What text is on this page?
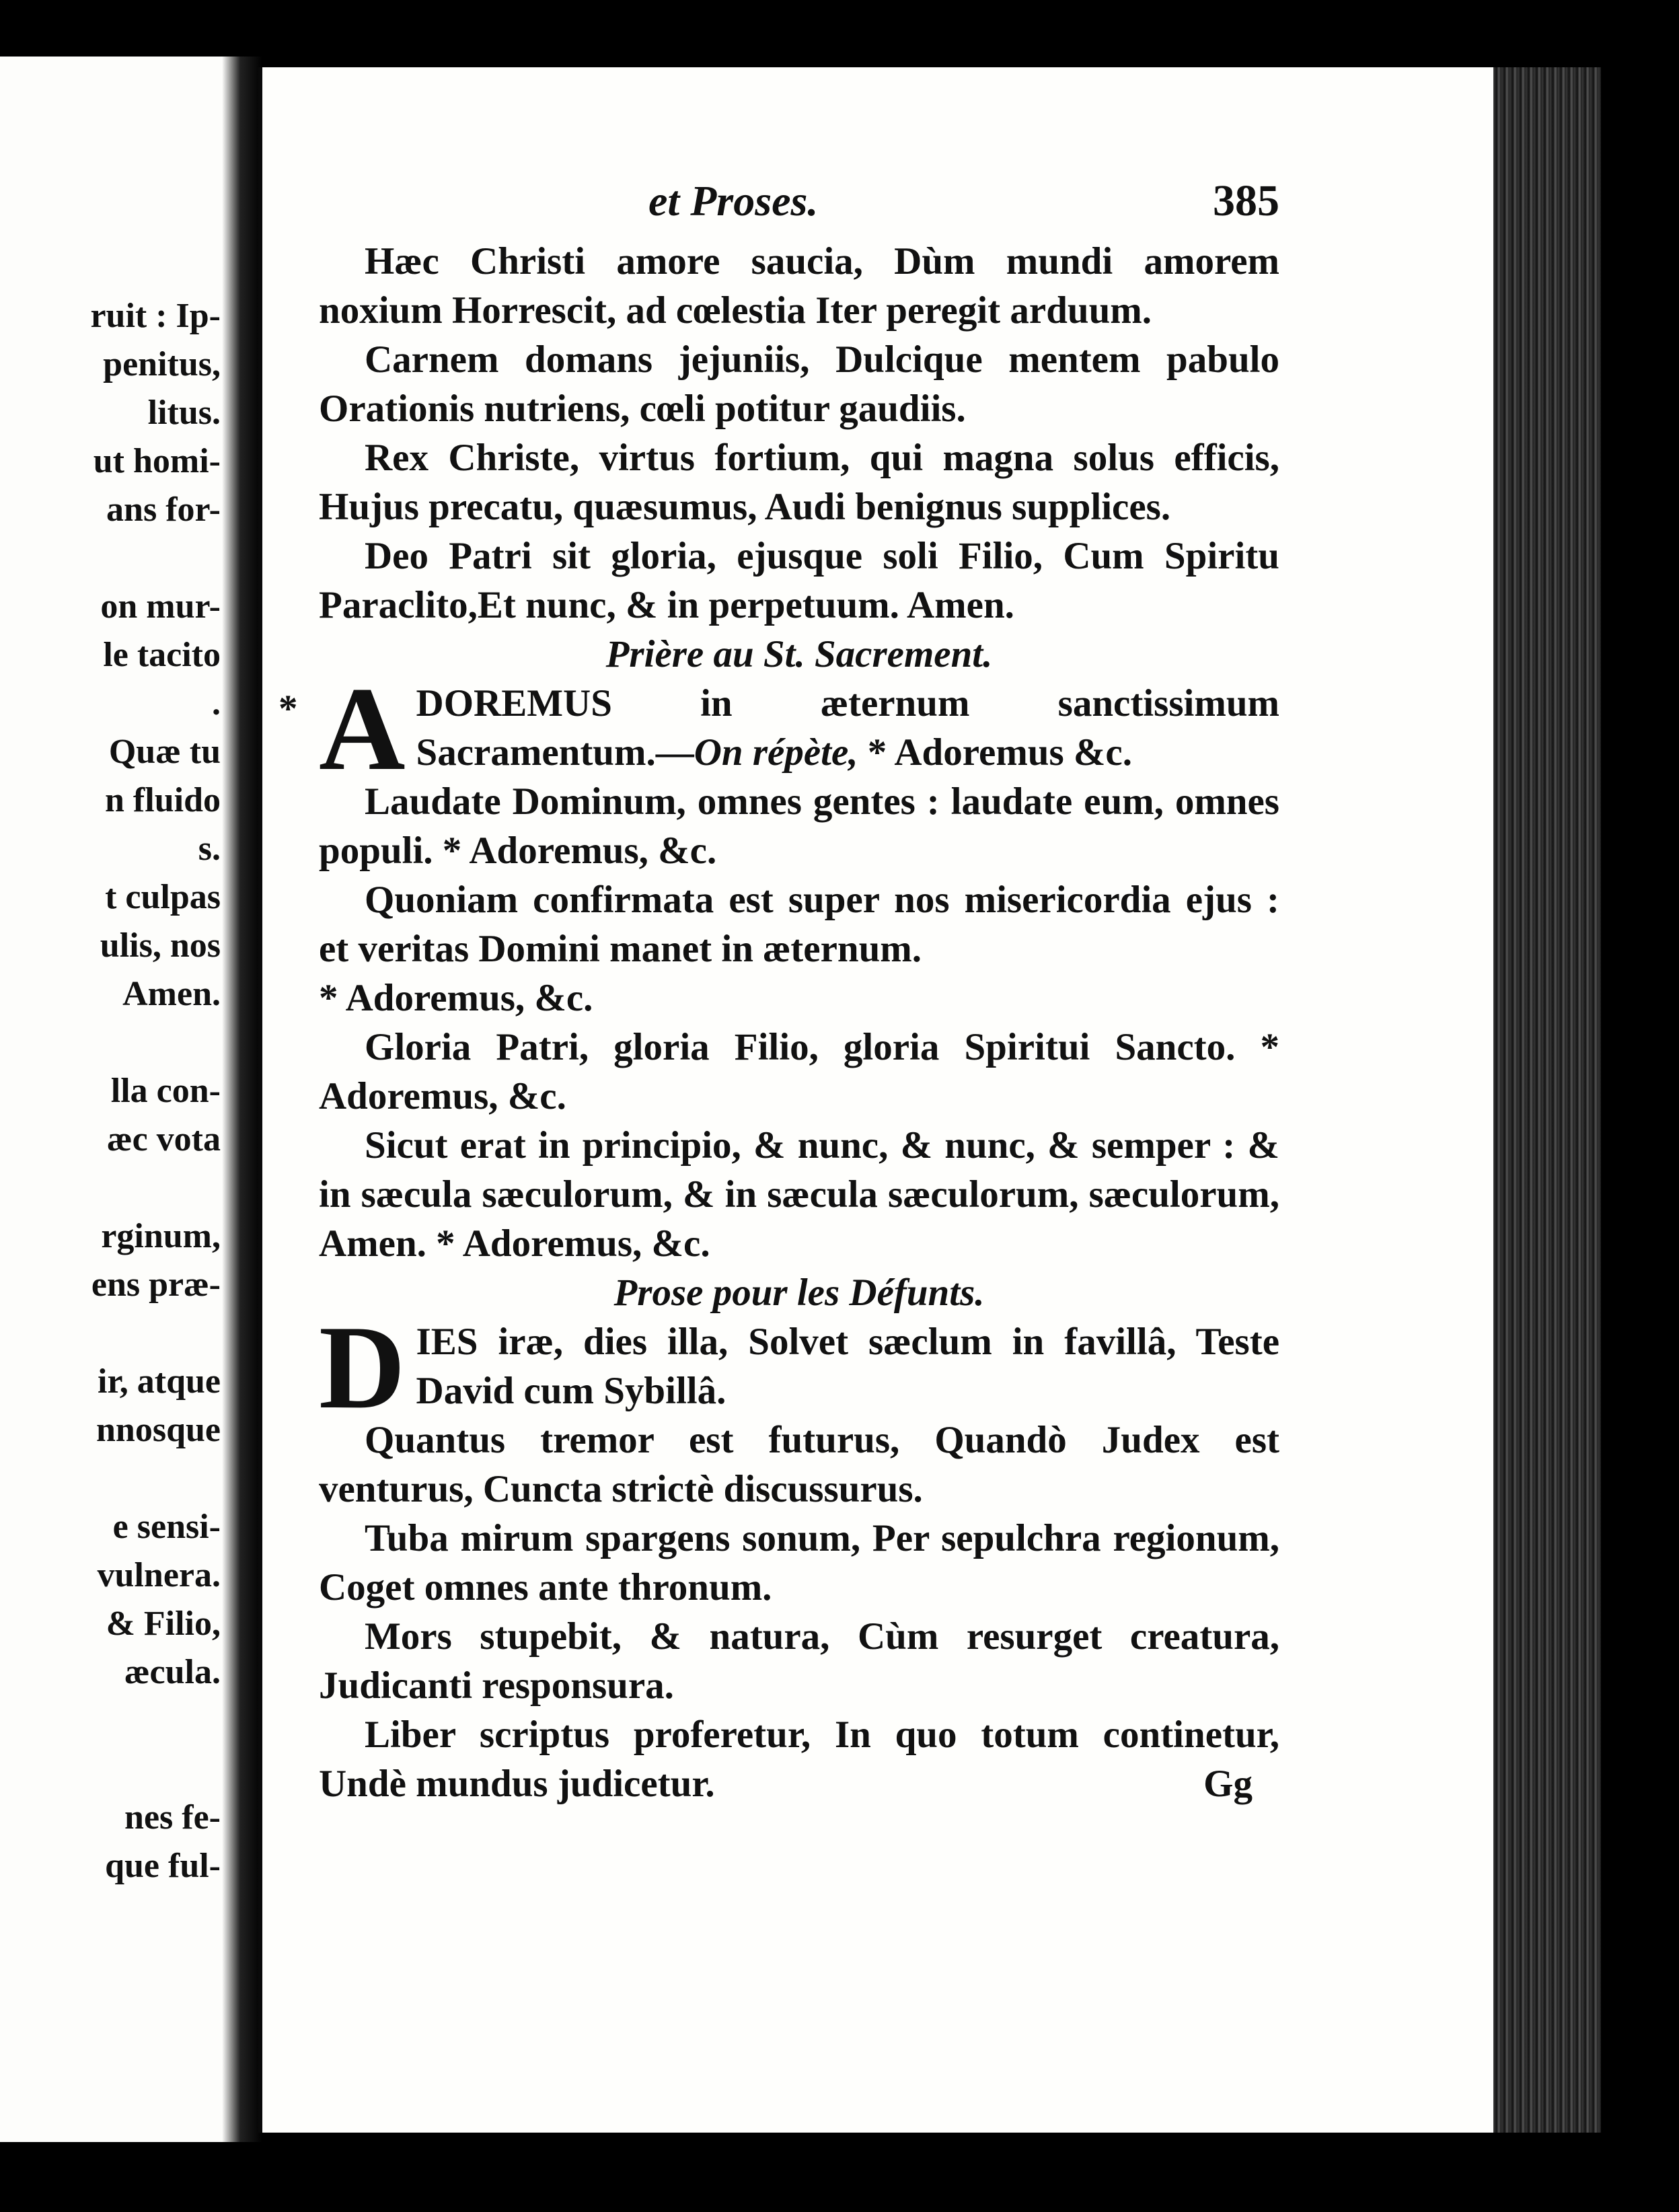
ruit : Ip-
penitus,
litus.
ut homi-
ans for-
on mur-
le tacito
.
Quæ tu
n fluido
s.
t culpas
ulis, nos
Amen.
lla con-
æc vota
rginum,
ens præ-
ir, atque
nnosque
e sensi-
vulnera.
& Filio,
æcula.
nes fe-
que ful-
et Proses.	385

Hæc Christi amore saucia, Dùm mundi amorem noxium Horrescit, ad cœlestia Iter peregit arduum.

Carnem domans jejuniis, Dulcique mentem pabulo Orationis nutriens, cœli potitur gaudiis.

Rex Christe, virtus fortium, qui magna solus efficis, Hujus precatu, quæsumus, Audi benignus supplices.

Deo Patri sit gloria, ejusque soli Filio, Cum Spiritu Paraclito,Et nunc, & in perpetuum. Amen.

Prière au St. Sacrement.

* A DOREMUS in æternum sanctissimum Sacramentum.—On répète, * Adoremus &c.

Laudate Dominum, omnes gentes : laudate eum, omnes populi. * Adoremus, &c.

Quoniam confirmata est super nos misericordia ejus : et veritas Domini manet in æternum.

* Adoremus, &c.

Gloria Patri, gloria Filio, gloria Spiritui Sancto. * Adoremus, &c.

Sicut erat in principio, & nunc, & nunc, & semper : & in sæcula sæculorum, & in sæcula sæculorum, sæculorum, Amen. * Adoremus, &c.

Prose pour les Défunts.

DIES iræ, dies illa, Solvet sæclum in favillâ, Teste David cum Sybillâ.

Quantus tremor est futurus, Quandò Judex est venturus, Cuncta strictè discussurus.

Tuba mirum spargens sonum, Per sepulchra regionum, Coget omnes ante thronum.

Mors stupebit, & natura, Cùm resurget creatura, Judicanti responsura.

Liber scriptus proferetur, In quo totum continetur, Undè mundus judicetur.	Gg
